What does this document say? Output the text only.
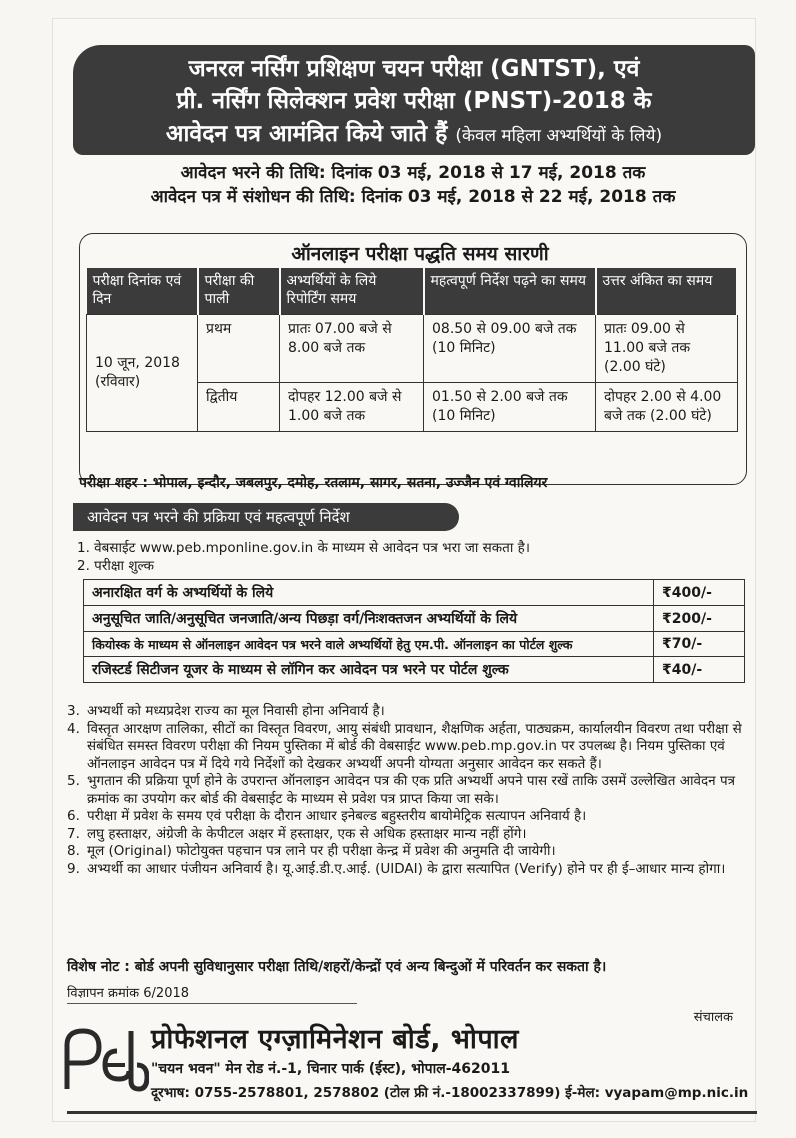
जनरल नर्सिंग प्रशिक्षण चयन परीक्षा (GNTST), एवं
प्री. नर्सिंग सिलेक्शन प्रवेश परीक्षा (PNST)-2018 के
आवेदन पत्र आमंत्रित किये जाते हैं (केवल महिला अभ्यर्थियों के लिये)
आवेदन भरने की तिथि: दिनांक 03 मई, 2018 से 17 मई, 2018 तक
आवेदन पत्र में संशोधन की तिथि: दिनांक 03 मई, 2018 से 22 मई, 2018 तक
ऑनलाइन परीक्षा पद्धति समय सारणी
परीक्षा दिनांक एवं दिन	परीक्षा की पाली	अभ्यर्थियों के लिये रिपोर्टिंग समय	महत्वपूर्ण निर्देश पढ़ने का समय	उत्तर अंकित का समय
10 जून, 2018 (रविवार)	प्रथम	प्रातः 07.00 बजे से 8.00 बजे तक	08.50 से 09.00 बजे तक (10 मिनिट)	प्रातः 09.00 से 11.00 बजे तक (2.00 घंटे)
	द्वितीय	दोपहर 12.00 बजे से 1.00 बजे तक	01.50 से 2.00 बजे तक (10 मिनिट)	दोपहर 2.00 से 4.00 बजे तक (2.00 घंटे)
परीक्षा शहर : भोपाल, इन्दौर, जबलपुर, दमोह, रतलाम, सागर, सतना, उज्जैन एवं ग्वालियर
आवेदन पत्र भरने की प्रक्रिया एवं महत्वपूर्ण निर्देश
1. वेबसाईट www.peb.mponline.gov.in के माध्यम से आवेदन पत्र भरा जा सकता है।
2. परीक्षा शुल्क
अनारक्षित वर्ग के अभ्यर्थियों के लिये	₹400/-
अनुसूचित जाति/अनुसूचित जनजाति/अन्य पिछड़ा वर्ग/निःशक्तजन अभ्यर्थियों के लिये	₹200/-
कियोस्क के माध्यम से ऑनलाइन आवेदन पत्र भरने वाले अभ्यर्थियों हेतु एम.पी. ऑनलाइन का पोर्टल शुल्क	₹70/-
रजिस्टर्ड सिटीजन यूजर के माध्यम से लॉगिन कर आवेदन पत्र भरने पर पोर्टल शुल्क	₹40/-
3. अभ्यर्थी को मध्यप्रदेश राज्य का मूल निवासी होना अनिवार्य है।
4. विस्तृत आरक्षण तालिका, सीटों का विस्तृत विवरण, आयु संबंधी प्रावधान, शैक्षणिक अर्हता, पाठ्यक्रम, कार्यालयीन विवरण तथा परीक्षा से संबंधित समस्त विवरण परीक्षा की नियम पुस्तिका में बोर्ड की वेबसाईट www.peb.mp.gov.in पर उपलब्ध है। नियम पुस्तिका एवं ऑनलाइन आवेदन पत्र में दिये गये निर्देशों को देखकर अभ्यर्थी अपनी योग्यता अनुसार आवेदन कर सकते हैं।
5. भुगतान की प्रक्रिया पूर्ण होने के उपरान्त ऑनलाइन आवेदन पत्र की एक प्रति अभ्यर्थी अपने पास रखें ताकि उसमें उल्लेखित आवेदन पत्र क्रमांक का उपयोग कर बोर्ड की वेबसाईट के माध्यम से प्रवेश पत्र प्राप्त किया जा सके।
6. परीक्षा में प्रवेश के समय एवं परीक्षा के दौरान आधार इनेबल्ड बहुस्तरीय बायोमेट्रिक सत्यापन अनिवार्य है।
7. लघु हस्ताक्षर, अंग्रेजी के केपीटल अक्षर में हस्ताक्षर, एक से अधिक हस्ताक्षर मान्य नहीं होंगे।
8. मूल (Original) फोटोयुक्त पहचान पत्र लाने पर ही परीक्षा केन्द्र में प्रवेश की अनुमति दी जायेगी।
9. अभ्यर्थी का आधार पंजीयन अनिवार्य है। यू.आई.डी.ए.आई. (UIDAI) के द्वारा सत्यापित (Verify) होने पर ही ई–आधार मान्य होगा।
विशेष नोट : बोर्ड अपनी सुविधानुसार परीक्षा तिथि/शहरों/केन्द्रों एवं अन्य बिन्दुओं में परिवर्तन कर सकता है।
विज्ञापन क्रमांक 6/2018
संचालक
प्रोफेशनल एग्ज़ामिनेशन बोर्ड, भोपाल
"चयन भवन" मेन रोड नं.-1, चिनार पार्क (ईस्ट), भोपाल-462011
दूरभाष: 0755-2578801, 2578802 (टोल फ्री नं.-18002337899) ई-मेल: vyapam@mp.nic.in
